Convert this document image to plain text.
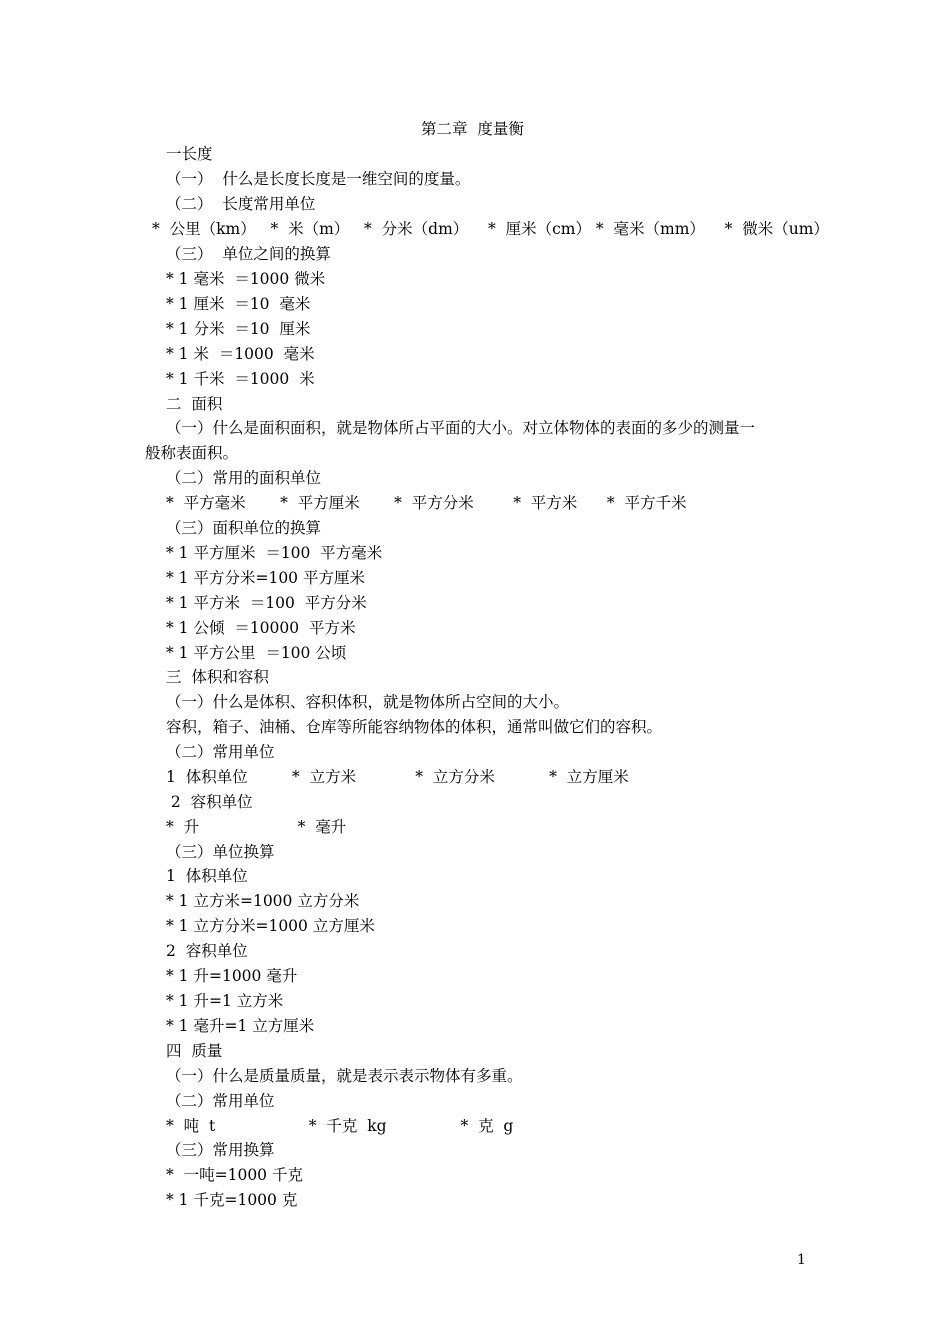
第二章  度量衡
一长度
（一）  什么是长度长度是一维空间的度量。
（二）  长度常用单位
*  公里（km）   *  米（m）   *  分米（dm）    *  厘米（cm） *  毫米（mm）    *  微米（um）
（三）  单位之间的换算
* 1 毫米  ＝1000 微米
* 1 厘米  ＝10  毫米
* 1 分米  ＝10  厘米
* 1 米  ＝1000  毫米
* 1 千米  ＝1000  米
二  面积
（一）什么是面积面积，就是物体所占平面的大小。对立体物体的表面的多少的测量一
般称表面积。
（二）常用的面积单位
*  平方毫米       *  平方厘米       *  平方分米        *  平方米      *  平方千米
（三）面积单位的换算
* 1 平方厘米  ＝100  平方毫米
* 1 平方分米=100 平方厘米
* 1 平方米  ＝100  平方分米
* 1 公倾  ＝10000  平方米
* 1 平方公里  ＝100 公顷
三  体积和容积
（一）什么是体积、容积体积，就是物体所占空间的大小。
容积，箱子、油桶、仓库等所能容纳物体的体积，通常叫做它们的容积。
（二）常用单位
1  体积单位         *  立方米            *  立方分米           *  立方厘米
2  容积单位
*  升                    *  毫升
（三）单位换算
1  体积单位
* 1 立方米=1000 立方分米
* 1 立方分米=1000 立方厘米
2  容积单位
* 1 升=1000 毫升
* 1 升=1 立方米
* 1 毫升=1 立方厘米
四  质量
（一）什么是质量质量，就是表示表示物体有多重。
（二）常用单位
*  吨  t                   *  千克  kg               *  克  g
（三）常用换算
*  一吨=1000 千克
* 1 千克=1000 克
1
